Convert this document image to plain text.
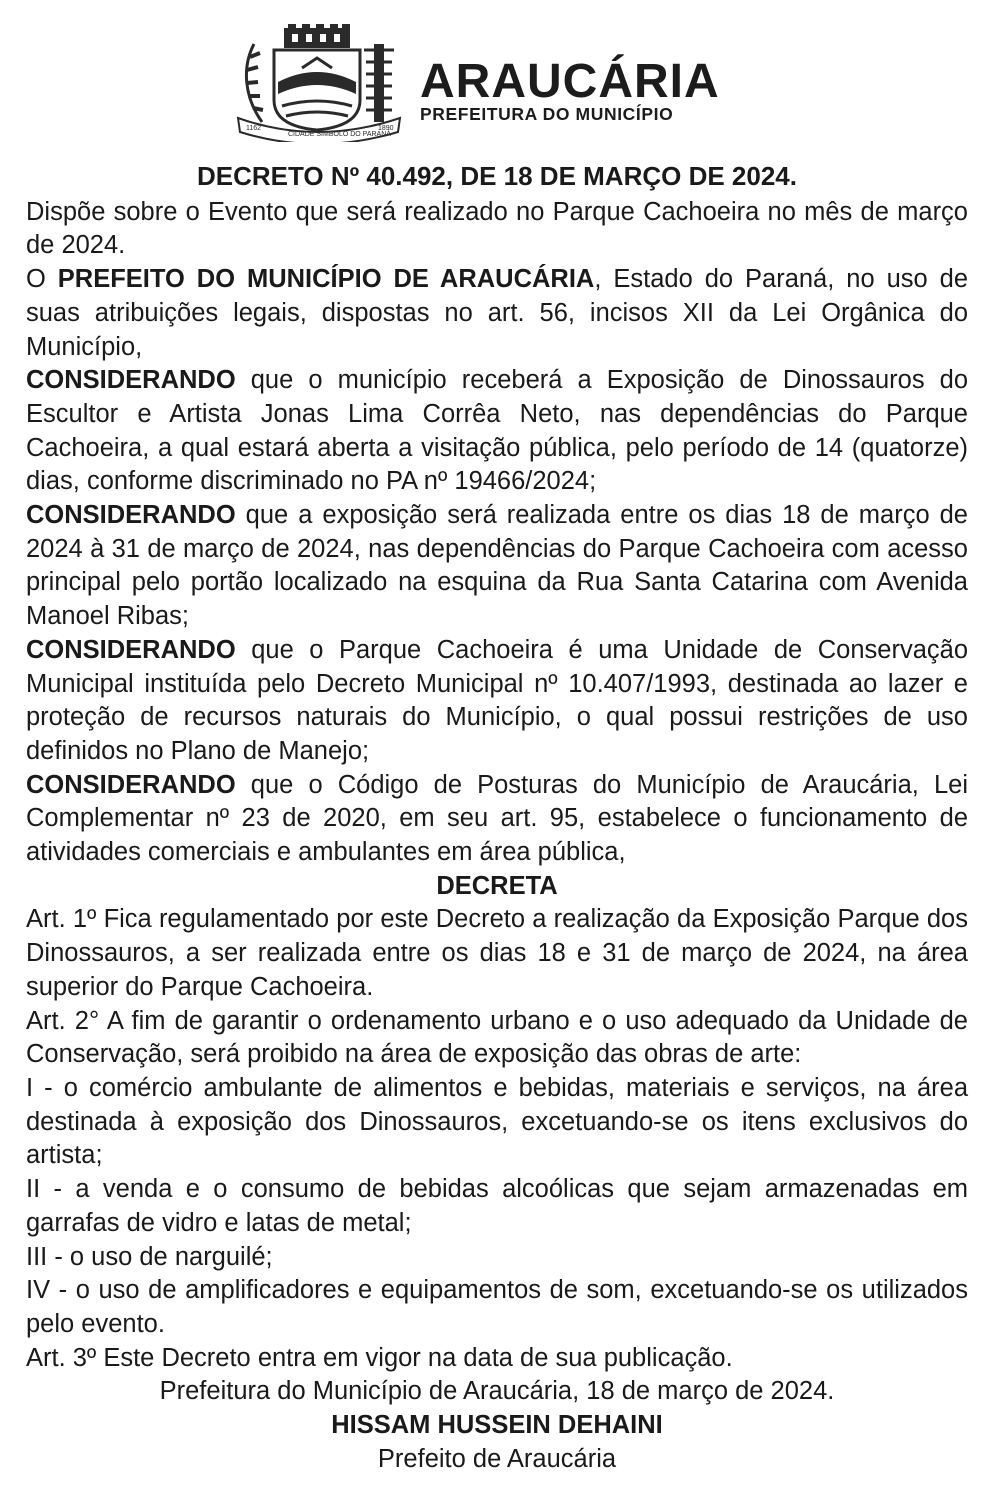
1162
CIDADE SÍMBOLO DO PARANÁ
1890
ARAUCÁRIA
PREFEITURA DO MUNICÍPIO

DECRETO Nº 40.492, DE 18 DE MARÇO DE 2024.

Dispõe sobre o Evento que será realizado no Parque Cachoeira no mês de março de 2024.

O PREFEITO DO MUNICÍPIO DE ARAUCÁRIA, Estado do Paraná, no uso de suas atribuições legais, dispostas no art. 56, incisos XII da Lei Orgânica do Município,

CONSIDERANDO que o município receberá a Exposição de Dinossauros do Escultor e Artista Jonas Lima Corrêa Neto, nas dependências do Parque Cachoeira, a qual estará aberta a visitação pública, pelo período de 14 (quatorze) dias, conforme discriminado no PA nº 19466/2024;

CONSIDERANDO que a exposição será realizada entre os dias 18 de março de 2024 à 31 de março de 2024, nas dependências do Parque Cachoeira com acesso principal pelo portão localizado na esquina da Rua Santa Catarina com Avenida Manoel Ribas;

CONSIDERANDO que o Parque Cachoeira é uma Unidade de Conservação Municipal instituída pelo Decreto Municipal nº 10.407/1993, destinada ao lazer e proteção de recursos naturais do Município, o qual possui restrições de uso definidos no Plano de Manejo;

CONSIDERANDO que o Código de Posturas do Município de Araucária, Lei Complementar nº 23 de 2020, em seu art. 95, estabelece o funcionamento de atividades comerciais e ambulantes em área pública,

DECRETA

Art. 1º Fica regulamentado por este Decreto a realização da Exposição Parque dos Dinossauros, a ser realizada entre os dias 18 e 31 de março de 2024, na área superior do Parque Cachoeira.

Art. 2° A fim de garantir o ordenamento urbano e o uso adequado da Unidade de Conservação, será proibido na área de exposição das obras de arte:

I - o comércio ambulante de alimentos e bebidas, materiais e serviços, na área destinada à exposição dos Dinossauros, excetuando-se os itens exclusivos do artista;

II - a venda e o consumo de bebidas alcoólicas que sejam armazenadas em garrafas de vidro e latas de metal;

III - o uso de narguilé;

IV - o uso de amplificadores e equipamentos de som, excetuando-se os utilizados pelo evento.

Art. 3º Este Decreto entra em vigor na data de sua publicação.

Prefeitura do Município de Araucária, 18 de março de 2024.

HISSAM HUSSEIN DEHAINI

Prefeito de Araucária
